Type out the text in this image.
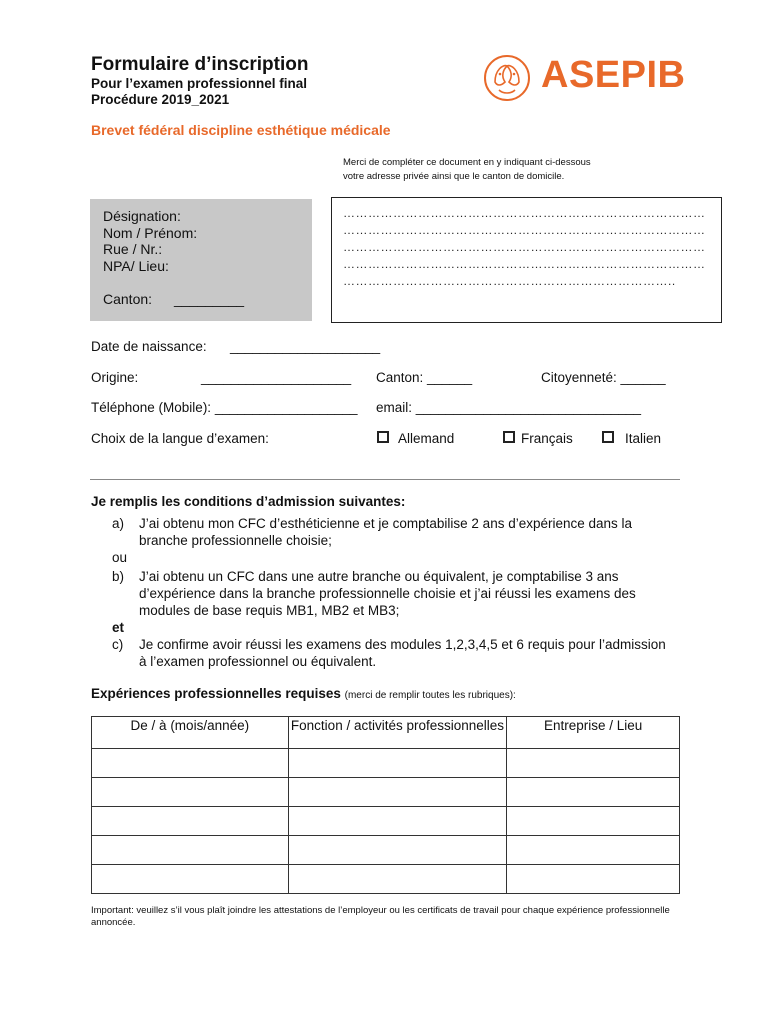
Formulaire d’inscription
Pour l’examen professionnel final
Procédure 2019_2021
Brevet fédéral discipline esthétique médicale
ASEPIB
Merci de compléter ce document en y indiquant ci-dessous
votre adresse privée ainsi que le canton de domicile.
Désignation:
Nom / Prénom:
Rue / Nr.:
NPA/ Lieu:
Canton: _________
……………………………………………………………………………
……………………………………………………………………………
……………………………………………………………………………
……………………………………………………………………………
……………………………………………………………………..
Date de naissance: ____________________
Origine:	____________________ Canton: ______	Citoyenneté: ______
Téléphone (Mobile): ___________________ email: ______________________________
Choix de la langue d’examen:	Allemand	Français	Italien
Je remplis les conditions d’admission suivantes:
a) J’ai obtenu mon CFC d’esthéticienne et je comptabilise 2 ans d’expérience dans la branche professionnelle choisie;
ou
b) J’ai obtenu un CFC dans une autre branche ou équivalent, je comptabilise 3 ans d’expérience dans la branche professionnelle choisie et j’ai réussi les examens des modules de base requis MB1, MB2 et MB3;
et
c) Je confirme avoir réussi les examens des modules 1,2,3,4,5 et 6 requis pour l’admission à l’examen professionnel ou équivalent.
Expériences professionnelles requises (merci de remplir toutes les rubriques):
De / à (mois/année)	Fonction / activités professionnelles	Entreprise / Lieu

Important: veuillez s’il vous plaît joindre les attestations de l’employeur ou les certificats de travail pour chaque expérience professionnelle annoncée.
